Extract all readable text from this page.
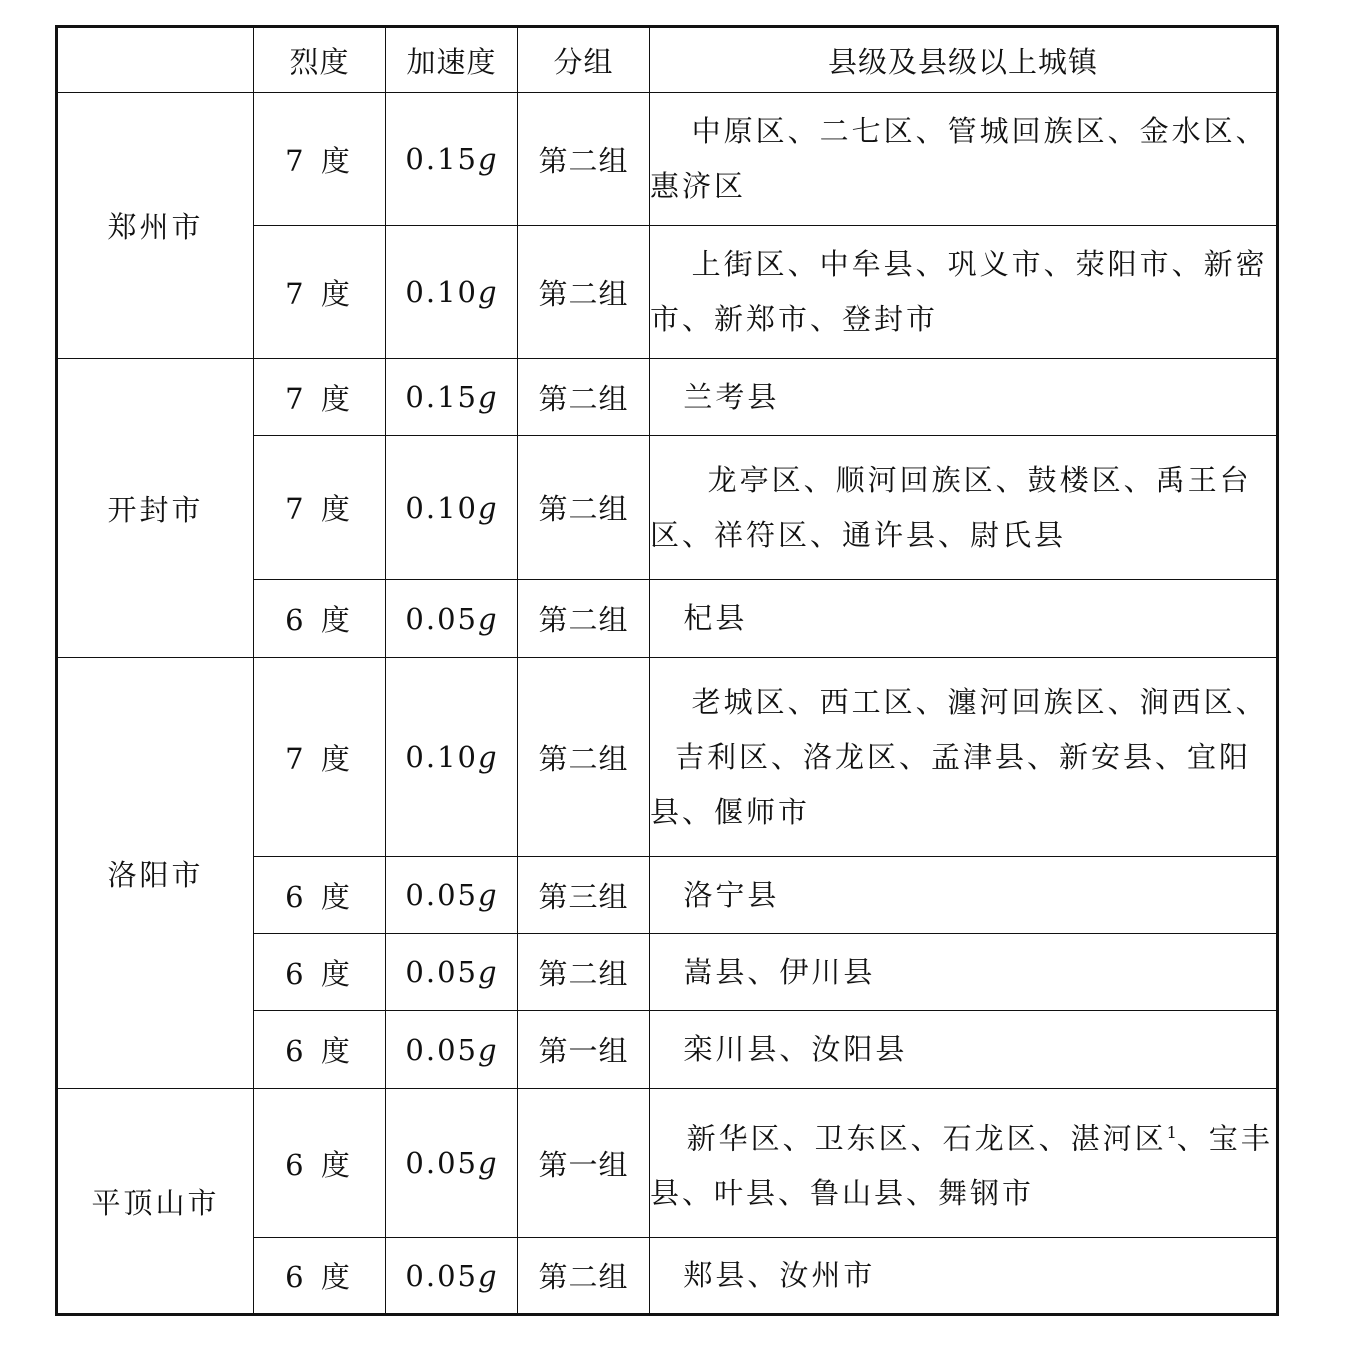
	烈度	加速度	分组	县级及县级以上城镇
郑州市	7 度	0.15g	第二组	中原区、二七区、管城回族区、金水区、惠济区
	7 度	0.10g	第二组	上街区、中牟县、巩义市、荥阳市、新密市、新郑市、登封市
开封市	7 度	0.15g	第二组	兰考县
	7 度	0.10g	第二组	龙亭区、顺河回族区、鼓楼区、禹王台区、祥符区、通许县、尉氏县
	6 度	0.05g	第二组	杞县
洛阳市	7 度	0.10g	第二组	老城区、西工区、瀍河回族区、涧西区、吉利区、洛龙区、孟津县、新安县、宜阳县、偃师市
	6 度	0.05g	第三组	洛宁县
	6 度	0.05g	第二组	嵩县、伊川县
	6 度	0.05g	第一组	栾川县、汝阳县
平顶山市	6 度	0.05g	第一组	新华区、卫东区、石龙区、湛河区$^1$、宝丰县、叶县、鲁山县、舞钢市
	6 度	0.05g	第二组	郏县、汝州市
